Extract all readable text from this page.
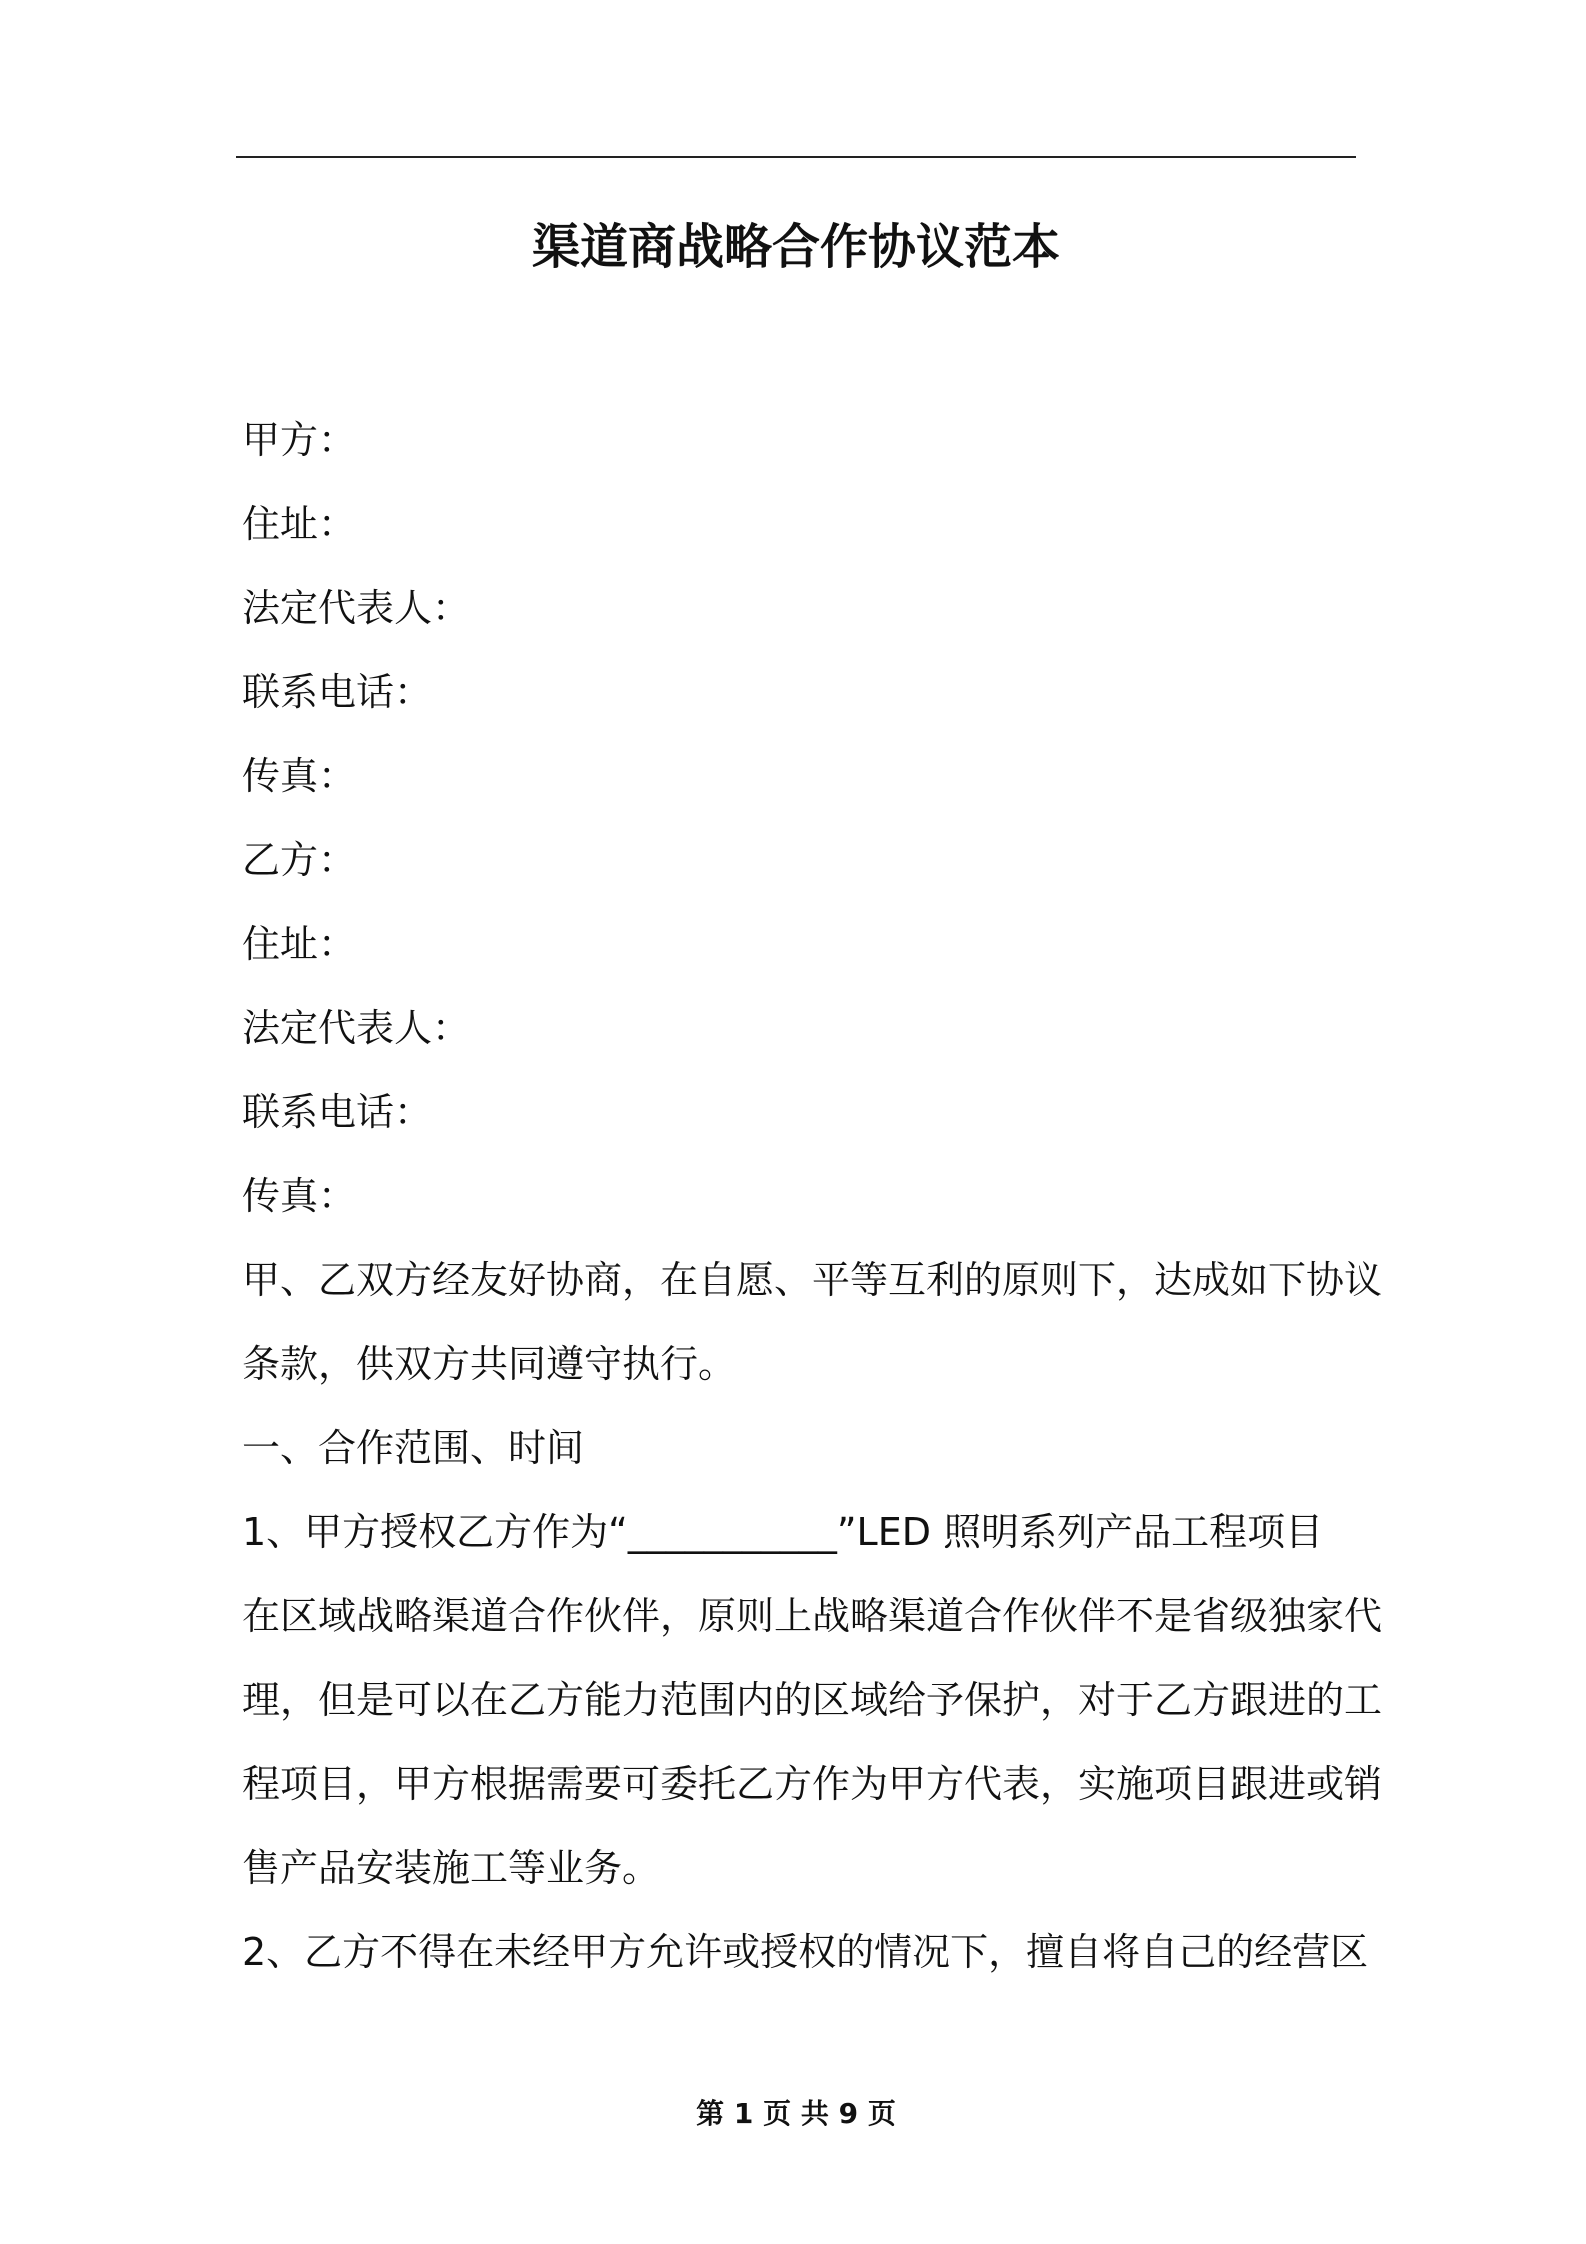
渠道商战略合作协议范本
甲方：
住址：
法定代表人：
联系电话：
传真：
乙方：
住址：
法定代表人：
联系电话：
传真：
甲、乙双方经友好协商，在自愿、平等互利的原则下，达成如下协议
条款，供双方共同遵守执行。
一、合作范围、时间
1、甲方授权乙方作为“___________”LED 照明系列产品工程项目
在区域战略渠道合作伙伴，原则上战略渠道合作伙伴不是省级独家代
理，但是可以在乙方能力范围内的区域给予保护，对于乙方跟进的工
程项目，甲方根据需要可委托乙方作为甲方代表，实施项目跟进或销
售产品安装施工等业务。
2、乙方不得在未经甲方允许或授权的情况下，擅自将自己的经营区
第 1 页 共 9 页
